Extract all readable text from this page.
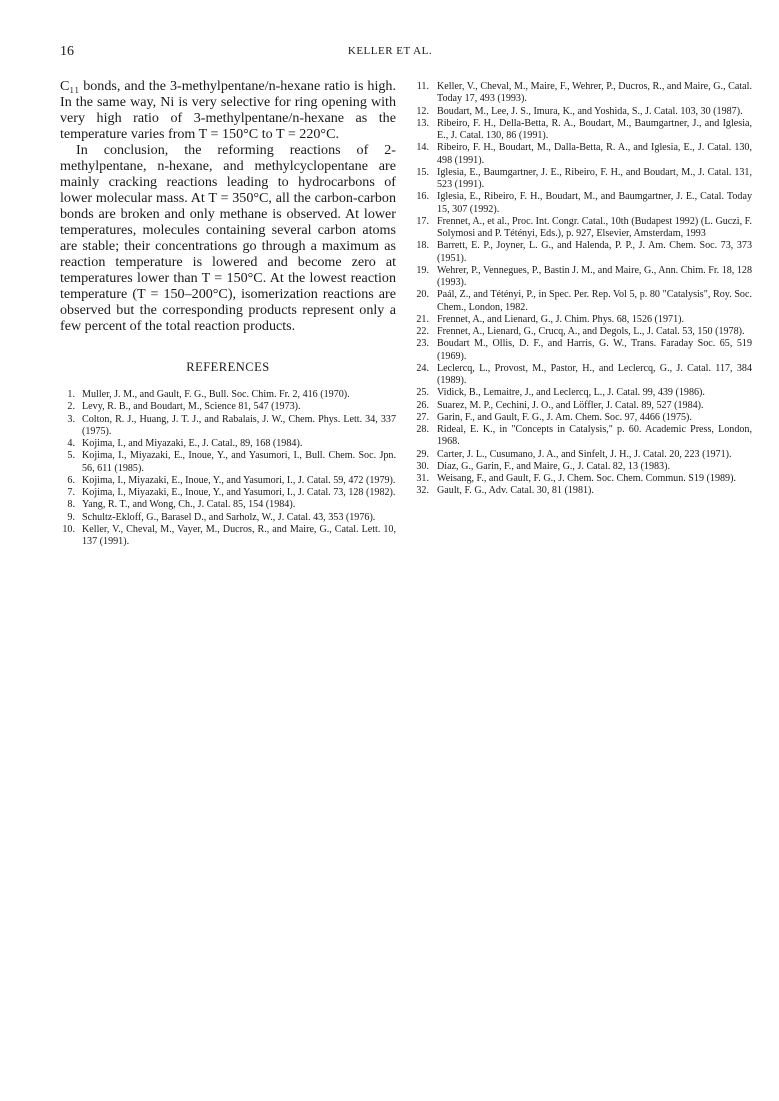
16	KELLER ET AL.

C₁₁ bonds, and the 3-methylpentane/n-hexane ratio is high. In the same way, Ni is very selective for ring opening with very high ratio of 3-methylpentane/n-hexane as the temperature varies from T = 150°C to T = 220°C.

In conclusion, the reforming reactions of 2-methylpentane, n-hexane, and methylcyclopentane are mainly cracking reactions leading to hydrocarbons of lower molecular mass. At T = 350°C, all the carbon-carbon bonds are broken and only methane is observed. At lower temperatures, molecules containing several carbon atoms are stable; their concentrations go through a maximum as reaction temperature is lowered and become zero at temperatures lower than T = 150°C. At the lowest reaction temperature (T = 150–200°C), isomerization reactions are observed but the corresponding products represent only a few percent of the total reaction products.

REFERENCES
1. Muller, J. M., and Gault, F. G., Bull. Soc. Chim. Fr. 2, 416 (1970).
2. Levy, R. B., and Boudart, M., Science 81, 547 (1973).
3. Colton, R. J., Huang, J. T. J., and Rabalais, J. W., Chem. Phys. Lett. 34, 337 (1975).
4. Kojima, I., and Miyazaki, E., J. Catal., 89, 168 (1984).
5. Kojima, I., Miyazaki, E., Inoue, Y., and Yasumori, I., Bull. Chem. Soc. Jpn. 56, 611 (1985).
6. Kojima, I., Miyazaki, E., Inoue, Y., and Yasumori, I., J. Catal. 59, 472 (1979).
7. Kojima, I., Miyazaki, E., Inoue, Y., and Yasumori, I., J. Catal. 73, 128 (1982).
8. Yang, R. T., and Wong, Ch., J. Catal. 85, 154 (1984).
9. Schultz-Ekloff, G., Barasel D., and Sarholz, W., J. Catal. 43, 353 (1976).
10. Keller, V., Cheval, M., Vayer, M., Ducros, R., and Maire, G., Catal. Lett. 10, 137 (1991).
11. Keller, V., Cheval, M., Maire, F., Wehrer, P., Ducros, R., and Maire, G., Catal. Today 17, 493 (1993).
12. Boudart, M., Lee, J. S., Imura, K., and Yoshida, S., J. Catal. 103, 30 (1987).
13. Ribeiro, F. H., Della-Betta, R. A., Boudart, M., Baumgartner, J., and Iglesia, E., J. Catal. 130, 86 (1991).
14. Ribeiro, F. H., Boudart, M., Dalla-Betta, R. A., and Iglesia, E., J. Catal. 130, 498 (1991).
15. Iglesia, E., Baumgartner, J. E., Ribeiro, F. H., and Boudart, M., J. Catal. 131, 523 (1991).
16. Iglesia, E., Ribeiro, F. H., Boudart, M., and Baumgartner, J. E., Catal. Today 15, 307 (1992).
17. Frennet, A., et al., Proc. Int. Congr. Catal., 10th (Budapest 1992) (L. Guczi, F. Solymosi and P. Tétényi, Eds.), p. 927, Elsevier, Amsterdam, 1993
18. Barrett, E. P., Joyner, L. G., and Halenda, P. P., J. Am. Chem. Soc. 73, 373 (1951).
19. Wehrer, P., Vennegues, P., Bastin J. M., and Maire, G., Ann. Chim. Fr. 18, 128 (1993).
20. Paál, Z., and Tétényi, P., in Spec. Per. Rep. Vol 5, p. 80 "Catalysis", Roy. Soc. Chem., London, 1982.
21. Frennet, A., and Lienard, G., J. Chim. Phys. 68, 1526 (1971).
22. Frennet, A., Lienard, G., Crucq, A., and Degols, L., J. Catal. 53, 150 (1978).
23. Boudart M., Ollis, D. F., and Harris, G. W., Trans. Faraday Soc. 65, 519 (1969).
24. Leclercq, L., Provost, M., Pastor, H., and Leclercq, G., J. Catal. 117, 384 (1989).
25. Vidick, B., Lemaitre, J., and Leclercq, L., J. Catal. 99, 439 (1986).
26. Suarez, M. P., Cechini, J. O., and Löffler, J. Catal. 89, 527 (1984).
27. Garin, F., and Gault, F. G., J. Am. Chem. Soc. 97, 4466 (1975).
28. Rideal, E. K., in "Concepts in Catalysis," p. 60. Academic Press, London, 1968.
29. Carter, J. L., Cusumano, J. A., and Sinfelt, J. H., J. Catal. 20, 223 (1971).
30. Diaz, G., Garin, F., and Maire, G., J. Catal. 82, 13 (1983).
31. Weisang, F., and Gault, F. G., J. Chem. Soc. Chem. Commun. S19 (1989).
32. Gault, F. G., Adv. Catal. 30, 81 (1981).
